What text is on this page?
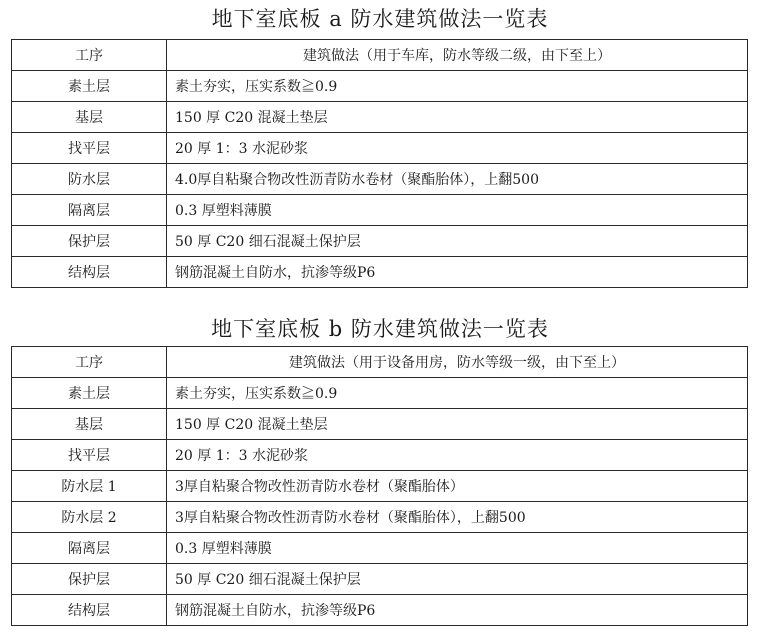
地下室底板 a 防水建筑做法一览表
工序	建筑做法（用于车库，防水等级二级，由下至上）
素土层	素土夯实，压实系数≧0.9
基层	150 厚 C20 混凝土垫层
找平层	20 厚 1：3 水泥砂浆
防水层	4.0厚自粘聚合物改性沥青防水卷材（聚酯胎体），上翻500
隔离层	0.3 厚塑料薄膜
保护层	50 厚 C20 细石混凝土保护层
结构层	钢筋混凝土自防水，抗渗等级P6
地下室底板 b 防水建筑做法一览表
工序	建筑做法（用于设备用房，防水等级一级，由下至上）
素土层	素土夯实，压实系数≧0.9
基层	150 厚 C20 混凝土垫层
找平层	20 厚 1：3 水泥砂浆
防水层 1	3厚自粘聚合物改性沥青防水卷材（聚酯胎体）
防水层 2	3厚自粘聚合物改性沥青防水卷材（聚酯胎体），上翻500
隔离层	0.3 厚塑料薄膜
保护层	50 厚 C20 细石混凝土保护层
结构层	钢筋混凝土自防水，抗渗等级P6
